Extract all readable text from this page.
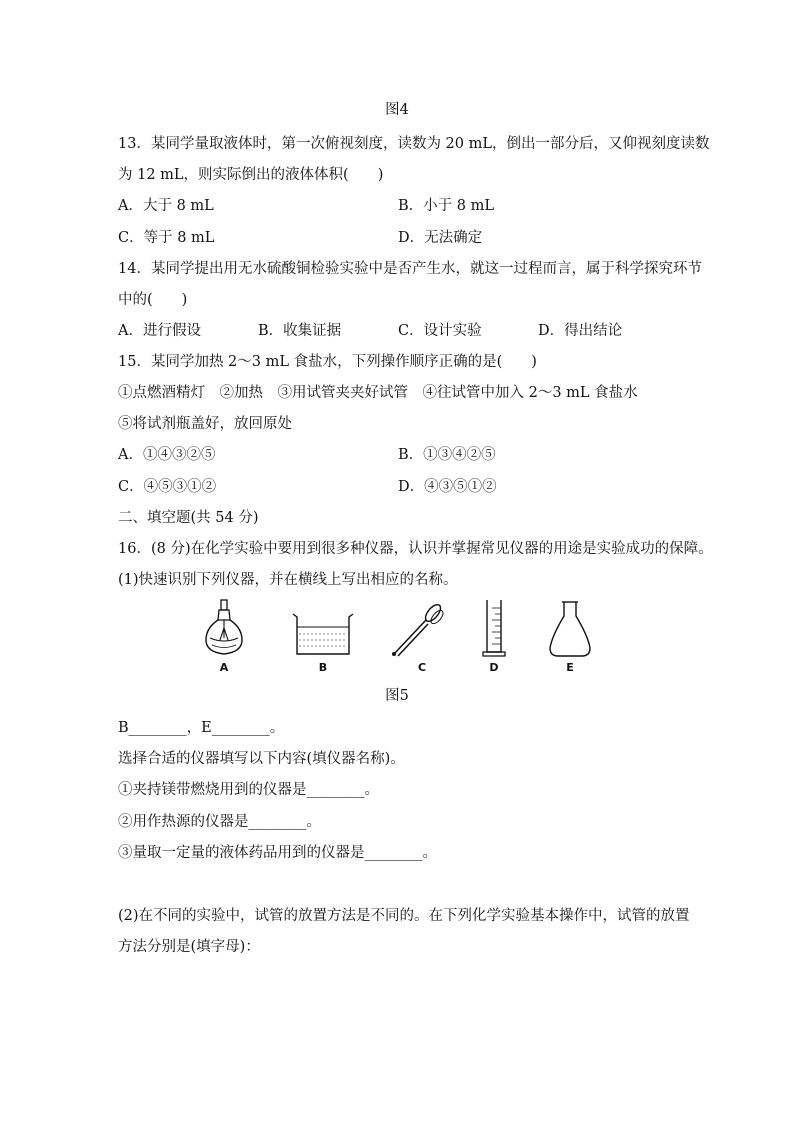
图4
13．某同学量取液体时，第一次俯视刻度，读数为 20 mL，倒出一部分后，又仰视刻度读数
为 12 mL，则实际倒出的液体体积(　　)
A．大于 8 mL	B．小于 8 mL
C．等于 8 mL	D．无法确定
14．某同学提出用无水硫酸铜检验实验中是否产生水，就这一过程而言，属于科学探究环节
中的(　　)
A．进行假设	B．收集证据	C．设计实验	D．得出结论
15．某同学加热 2～3 mL 食盐水，下列操作顺序正确的是(　　)
①点燃酒精灯　②加热　③用试管夹夹好试管　④往试管中加入 2～3 mL 食盐水
⑤将试剂瓶盖好，放回原处
A．①④③②⑤	B．①③④②⑤
C．④⑤③①②	D．④③⑤①②
二、填空题(共 54 分)
16．(8 分)在化学实验中要用到很多种仪器，认识并掌握常见仪器的用途是实验成功的保障。
(1)快速识别下列仪器，并在横线上写出相应的名称。
A	B	C	D	E
图5
B________，E________。
选择合适的仪器填写以下内容(填仪器名称)。
①夹持镁带燃烧用到的仪器是________。
②用作热源的仪器是________。
③量取一定量的液体药品用到的仪器是________。
(2)在不同的实验中，试管的放置方法是不同的。在下列化学实验基本操作中，试管的放置
方法分别是(填字母)：
